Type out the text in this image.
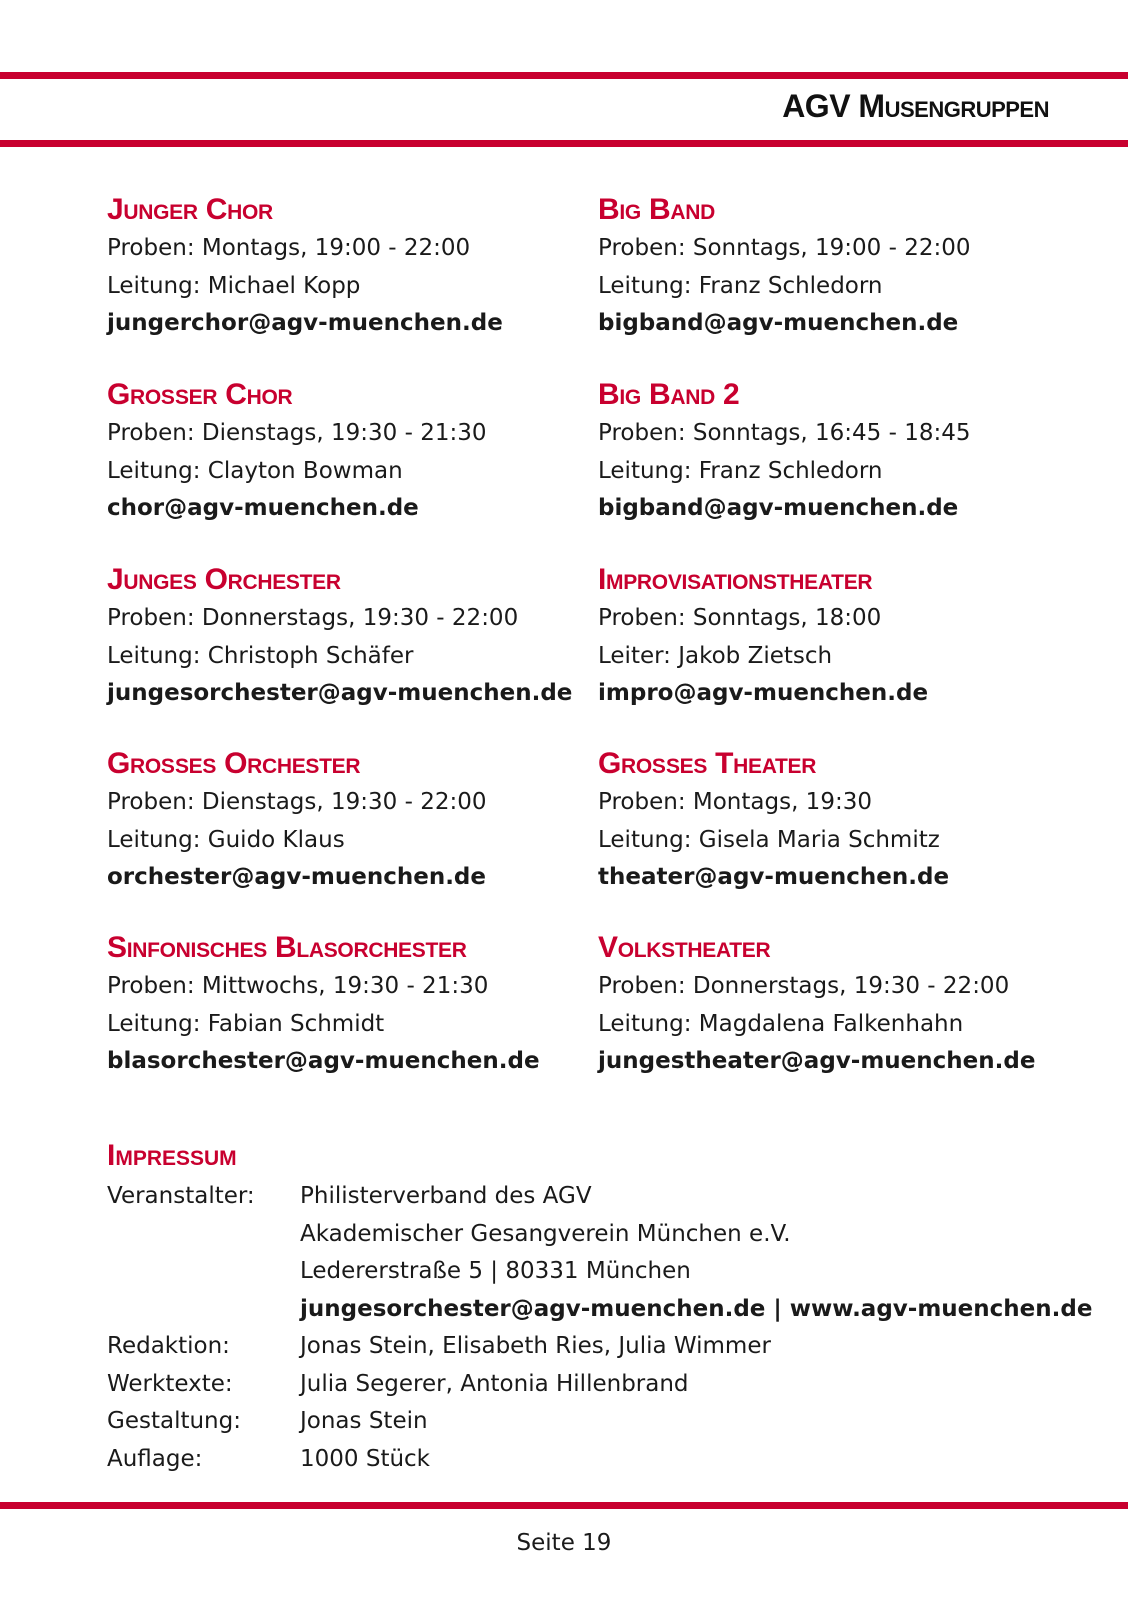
AGV Musengruppen
Junger Chor
Proben: Montags, 19:00 - 22:00
Leitung: Michael Kopp
jungerchor@agv-muenchen.de
Großer Chor
Proben: Dienstags, 19:30 - 21:30
Leitung: Clayton Bowman
chor@agv-muenchen.de
Junges Orchester
Proben: Donnerstags, 19:30 - 22:00
Leitung: Christoph Schäfer
jungesorchester@agv-muenchen.de
Großes Orchester
Proben: Dienstags, 19:30 - 22:00
Leitung: Guido Klaus
orchester@agv-muenchen.de
Sinfonisches Blasorchester
Proben: Mittwochs, 19:30 - 21:30
Leitung: Fabian Schmidt
blasorchester@agv-muenchen.de
Big Band
Proben: Sonntags, 19:00 - 22:00
Leitung: Franz Schledorn
bigband@agv-muenchen.de
Big Band 2
Proben: Sonntags, 16:45 - 18:45
Leitung: Franz Schledorn
bigband@agv-muenchen.de
Improvisationstheater
Proben: Sonntags, 18:00
Leiter: Jakob Zietsch
impro@agv-muenchen.de
Großes Theater
Proben: Montags, 19:30
Leitung: Gisela Maria Schmitz
theater@agv-muenchen.de
Volkstheater
Proben: Donnerstags, 19:30 - 22:00
Leitung: Magdalena Falkenhahn
jungestheater@agv-muenchen.de
Impressum
Veranstalter:	Philisterverband des AGV
Akademischer Gesangverein München e.V.
Ledererstraße 5 | 80331 München
jungesorchester@agv-muenchen.de | www.agv-muenchen.de
Redaktion:	Jonas Stein, Elisabeth Ries, Julia Wimmer
Werktexte:	Julia Segerer, Antonia Hillenbrand
Gestaltung:	Jonas Stein
Auflage:	1000 Stück
Seite 19
